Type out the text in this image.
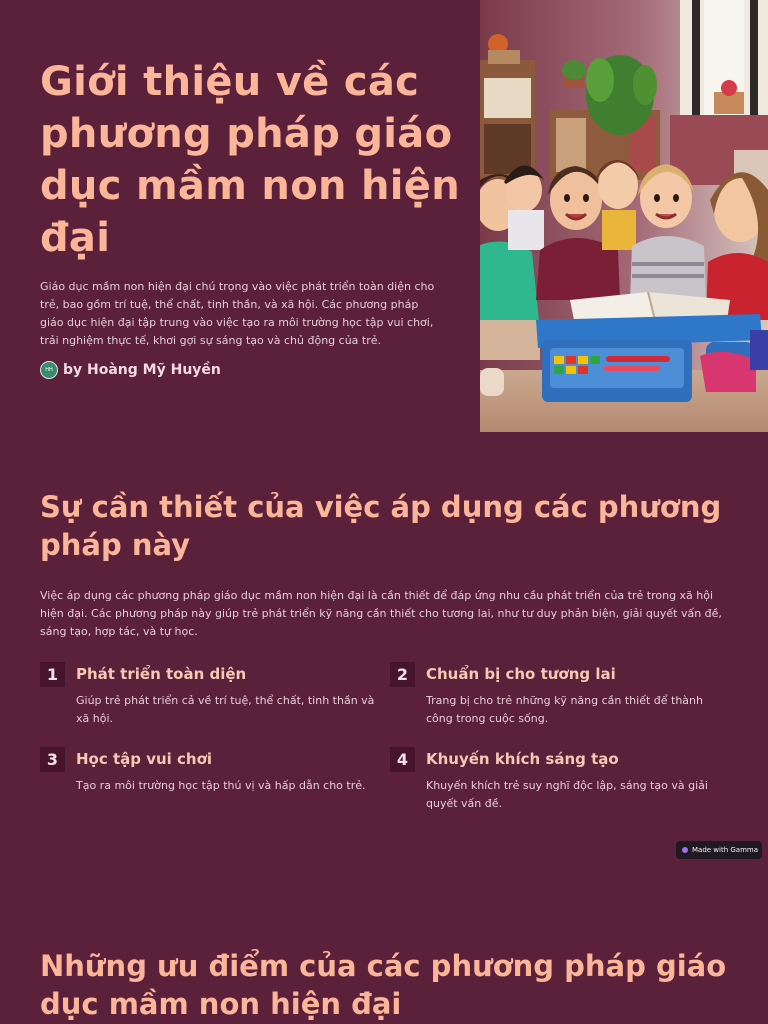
Giới thiệu về các phương pháp giáo dục mầm non hiện đại

Giáo dục mầm non hiện đại chú trọng vào việc phát triển toàn diện cho trẻ, bao gồm trí tuệ, thể chất, tinh thần, và xã hội. Các phương pháp giáo dục hiện đại tập trung vào việc tạo ra môi trường học tập vui chơi, trải nghiệm thực tế, khơi gợi sự sáng tạo và chủ động của trẻ.

HH by Hoàng Mỹ Huyền
Sự cần thiết của việc áp dụng các phương pháp này

Việc áp dụng các phương pháp giáo dục mầm non hiện đại là cần thiết để đáp ứng nhu cầu phát triển của trẻ trong xã hội hiện đại. Các phương pháp này giúp trẻ phát triển kỹ năng cần thiết cho tương lai, như tư duy phản biện, giải quyết vấn đề, sáng tạo, hợp tác, và tự học.

1	Phát triển toàn diện

Giúp trẻ phát triển cả về trí tuệ, thể chất, tinh thần và xã hội.

2	Chuẩn bị cho tương lai

Trang bị cho trẻ những kỹ năng cần thiết để thành công trong cuộc sống.

3	Học tập vui chơi

Tạo ra môi trường học tập thú vị và hấp dẫn cho trẻ.

4	Khuyến khích sáng tạo

Khuyến khích trẻ suy nghĩ độc lập, sáng tạo và giải quyết vấn đề.

Made with Gamma
Những ưu điểm của các phương pháp giáo dục mầm non hiện đại
